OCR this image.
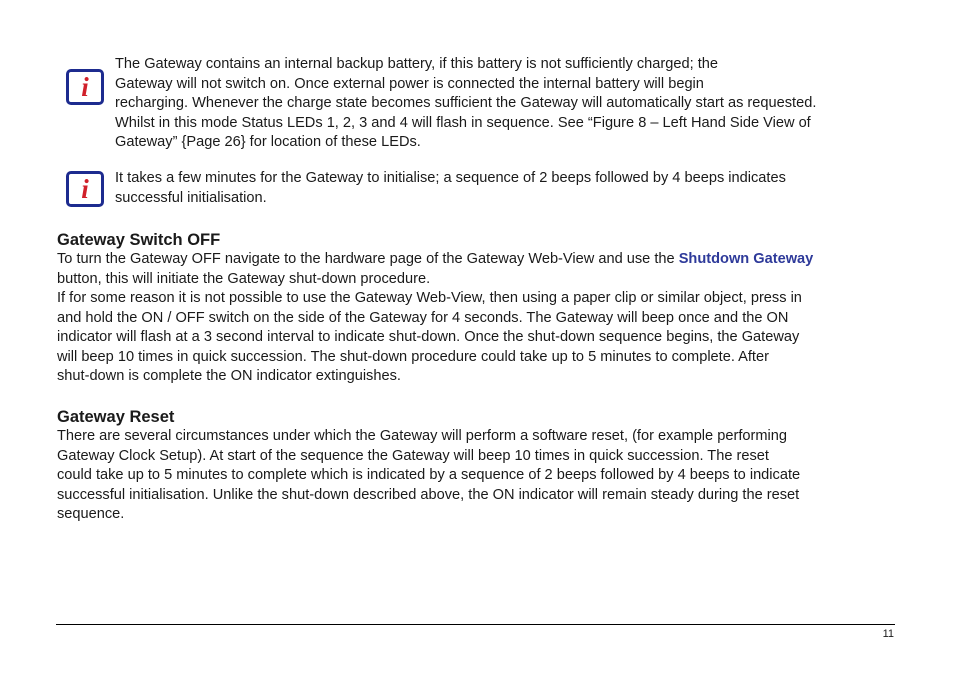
i

The Gateway contains an internal backup battery, if this battery is not sufficiently charged; the
Gateway will not switch on. Once external power is connected the internal battery will begin
recharging. Whenever the charge state becomes sufficient the Gateway will automatically start as requested.
Whilst in this mode Status LEDs 1, 2, 3 and 4 will flash in sequence. See “Figure 8 – Left Hand Side View of
Gateway” {Page 26} for location of these LEDs.

i It takes a few minutes for the Gateway to initialise; a sequence of 2 beeps followed by 4 beeps indicates
successful initialisation.

Gateway Switch OFF

To turn the Gateway OFF navigate to the hardware page of the Gateway Web-View and use the Shutdown Gateway
button, this will initiate the Gateway shut-down procedure.

If for some reason it is not possible to use the Gateway Web-View, then using a paper clip or similar object, press in
and hold the ON / OFF switch on the side of the Gateway for 4 seconds. The Gateway will beep once and the ON
indicator will flash at a 3 second interval to indicate shut-down. Once the shut-down sequence begins, the Gateway
will beep 10 times in quick succession. The shut-down procedure could take up to 5 minutes to complete. After
shut-down is complete the ON indicator extinguishes.

Gateway Reset

There are several circumstances under which the Gateway will perform a software reset, (for example performing
Gateway Clock Setup). At start of the sequence the Gateway will beep 10 times in quick succession. The reset
could take up to 5 minutes to complete which is indicated by a sequence of 2 beeps followed by 4 beeps to indicate
successful initialisation. Unlike the shut-down described above, the ON indicator will remain steady during the reset
sequence.

11
